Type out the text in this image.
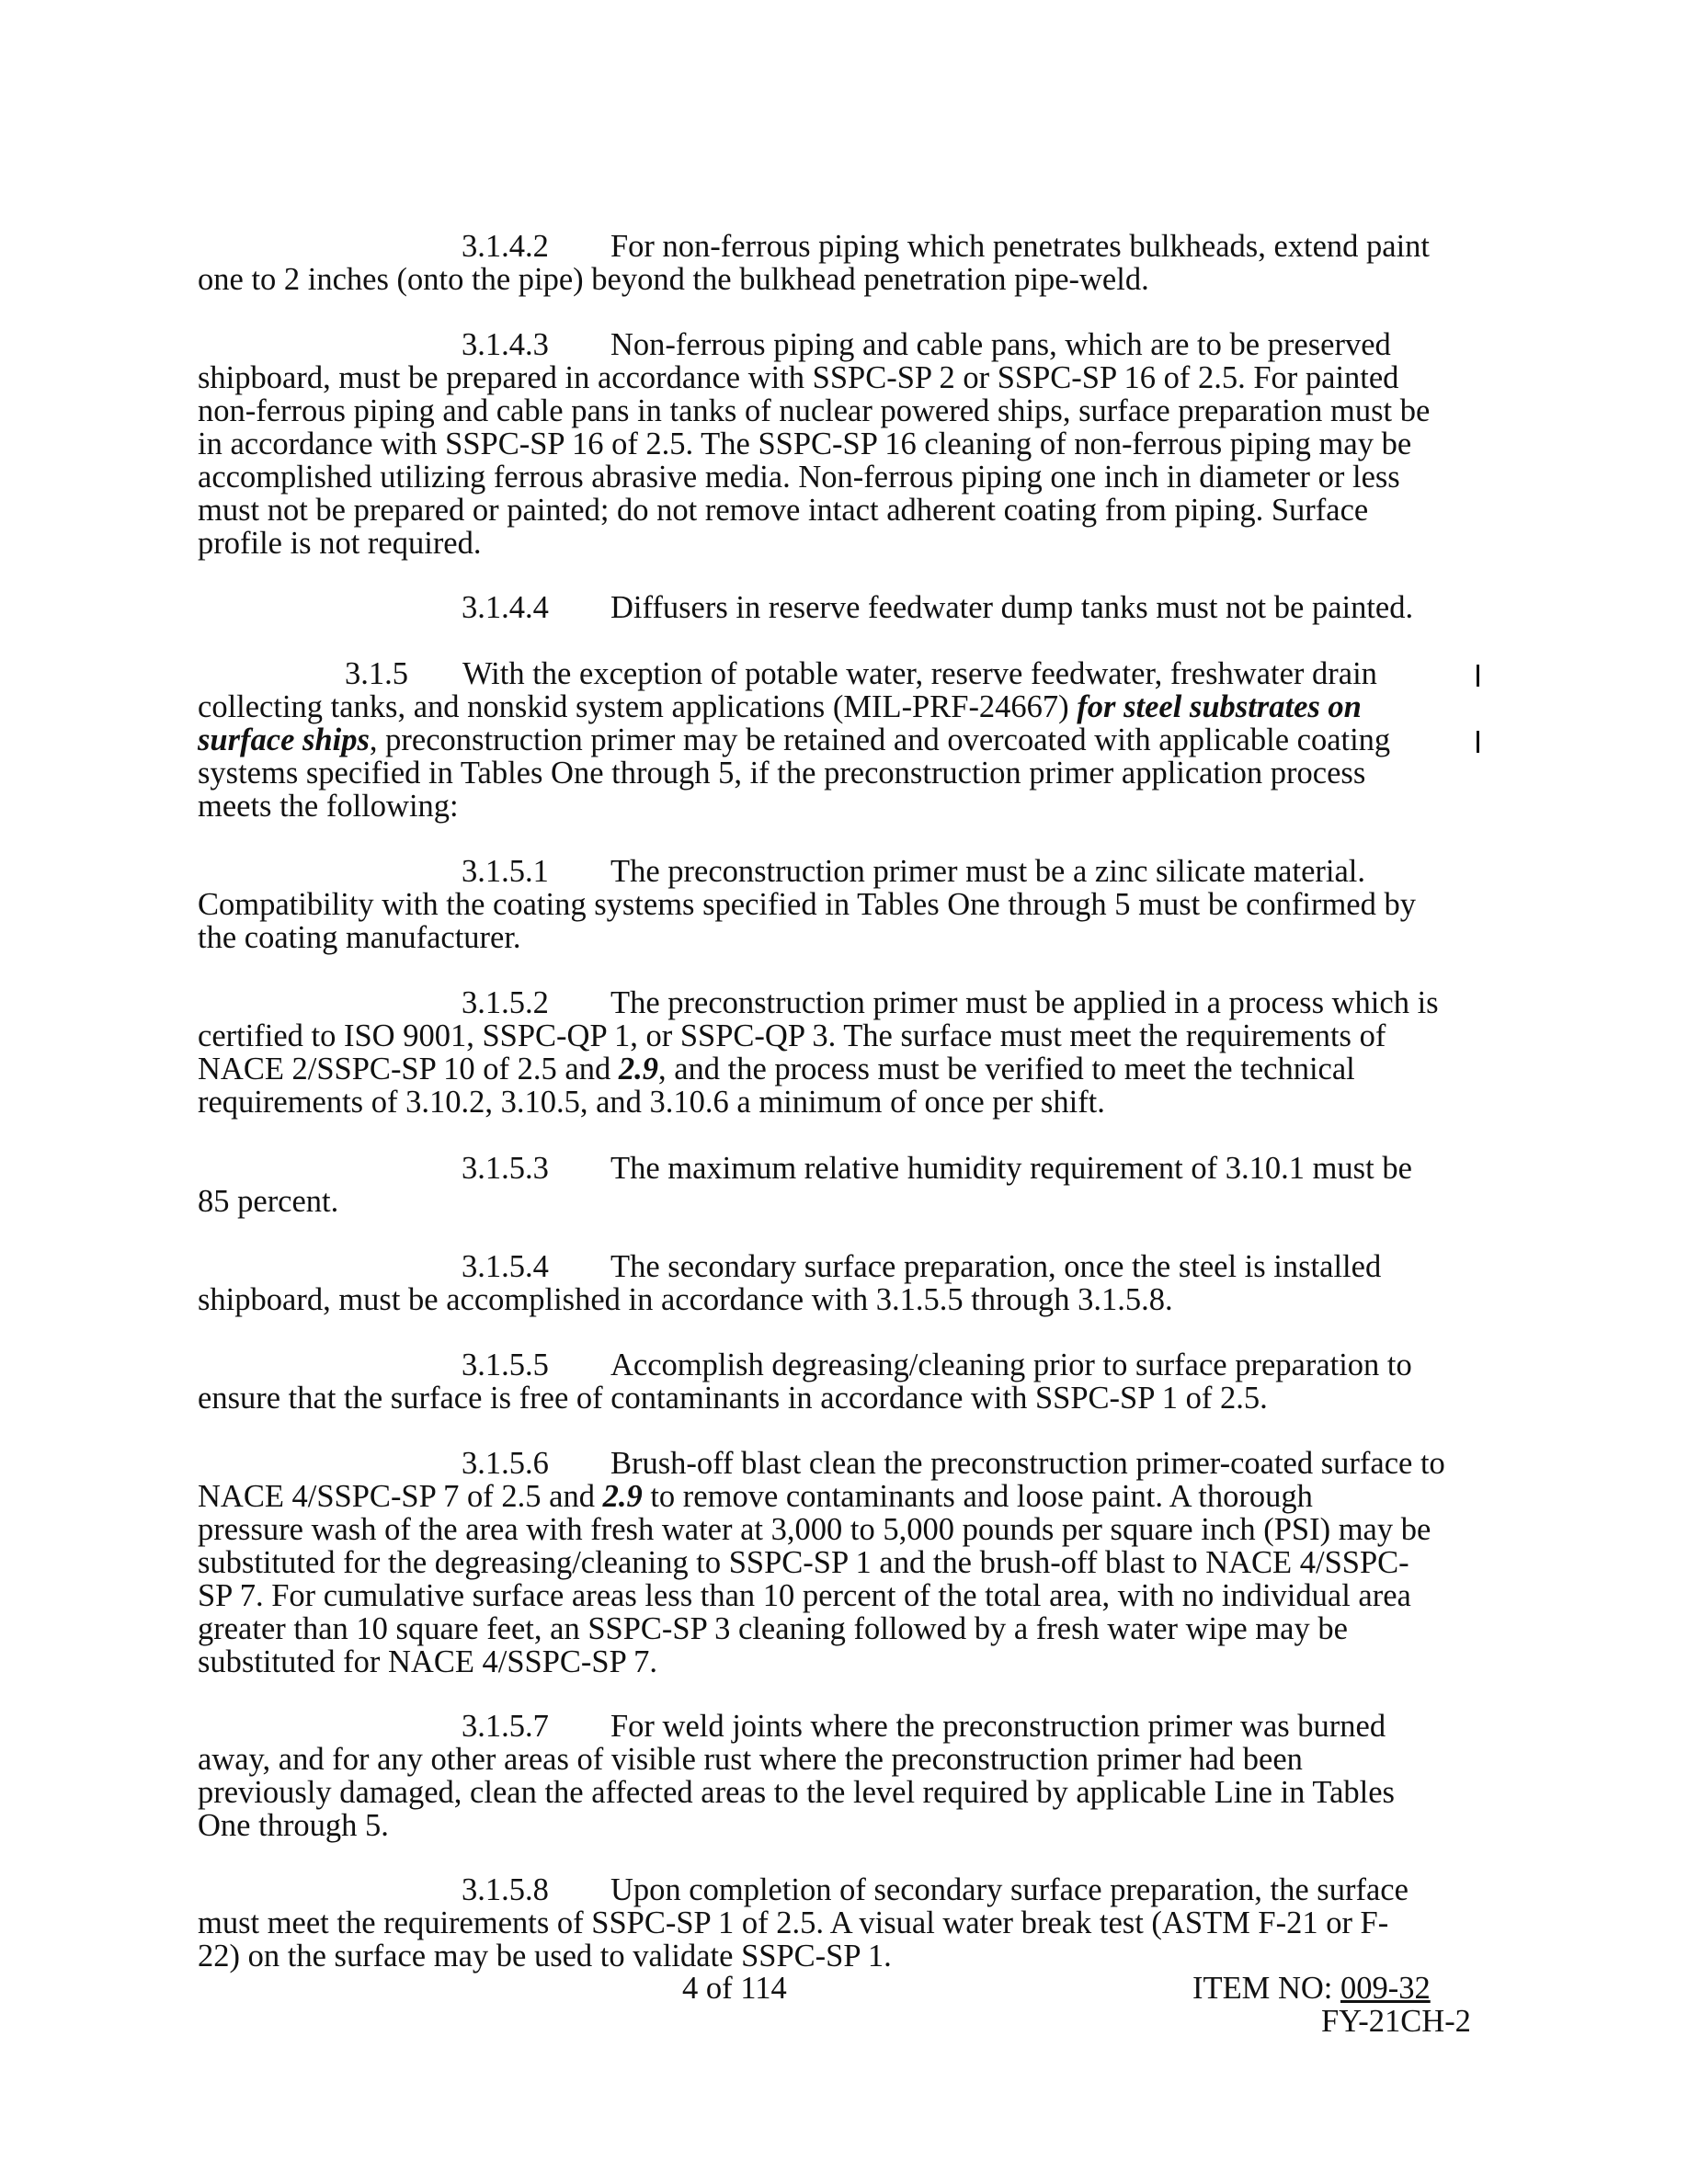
3.1.4.2 For non-ferrous piping which penetrates bulkheads, extend paint
one to 2 inches (onto the pipe) beyond the bulkhead penetration pipe-weld.

3.1.4.3 Non-ferrous piping and cable pans, which are to be preserved
shipboard, must be prepared in accordance with SSPC-SP 2 or SSPC-SP 16 of 2.5. For painted
non-ferrous piping and cable pans in tanks of nuclear powered ships, surface preparation must be
in accordance with SSPC-SP 16 of 2.5. The SSPC-SP 16 cleaning of non-ferrous piping may be
accomplished utilizing ferrous abrasive media. Non-ferrous piping one inch in diameter or less
must not be prepared or painted; do not remove intact adherent coating from piping. Surface
profile is not required.

3.1.4.4 Diffusers in reserve feedwater dump tanks must not be painted.

3.1.5 With the exception of potable water, reserve feedwater, freshwater drain
collecting tanks, and nonskid system applications (MIL-PRF-24667) for steel substrates on
surface ships, preconstruction primer may be retained and overcoated with applicable coating
systems specified in Tables One through 5, if the preconstruction primer application process
meets the following:

3.1.5.1 The preconstruction primer must be a zinc silicate material.
Compatibility with the coating systems specified in Tables One through 5 must be confirmed by
the coating manufacturer.

3.1.5.2 The preconstruction primer must be applied in a process which is
certified to ISO 9001, SSPC-QP 1, or SSPC-QP 3. The surface must meet the requirements of
NACE 2/SSPC-SP 10 of 2.5 and 2.9, and the process must be verified to meet the technical
requirements of 3.10.2, 3.10.5, and 3.10.6 a minimum of once per shift.

3.1.5.3 The maximum relative humidity requirement of 3.10.1 must be
85 percent.

3.1.5.4 The secondary surface preparation, once the steel is installed
shipboard, must be accomplished in accordance with 3.1.5.5 through 3.1.5.8.

3.1.5.5 Accomplish degreasing/cleaning prior to surface preparation to
ensure that the surface is free of contaminants in accordance with SSPC-SP 1 of 2.5.

3.1.5.6 Brush-off blast clean the preconstruction primer-coated surface to
NACE 4/SSPC-SP 7 of 2.5 and 2.9 to remove contaminants and loose paint. A thorough
pressure wash of the area with fresh water at 3,000 to 5,000 pounds per square inch (PSI) may be
substituted for the degreasing/cleaning to SSPC-SP 1 and the brush-off blast to NACE 4/SSPC-
SP 7. For cumulative surface areas less than 10 percent of the total area, with no individual area
greater than 10 square feet, an SSPC-SP 3 cleaning followed by a fresh water wipe may be
substituted for NACE 4/SSPC-SP 7.

3.1.5.7 For weld joints where the preconstruction primer was burned
away, and for any other areas of visible rust where the preconstruction primer had been
previously damaged, clean the affected areas to the level required by applicable Line in Tables
One through 5.

3.1.5.8 Upon completion of secondary surface preparation, the surface
must meet the requirements of SSPC-SP 1 of 2.5. A visual water break test (ASTM F-21 or F-
22) on the surface may be used to validate SSPC-SP 1.

4 of 114	ITEM NO: 009-32
FY-21CH-2
